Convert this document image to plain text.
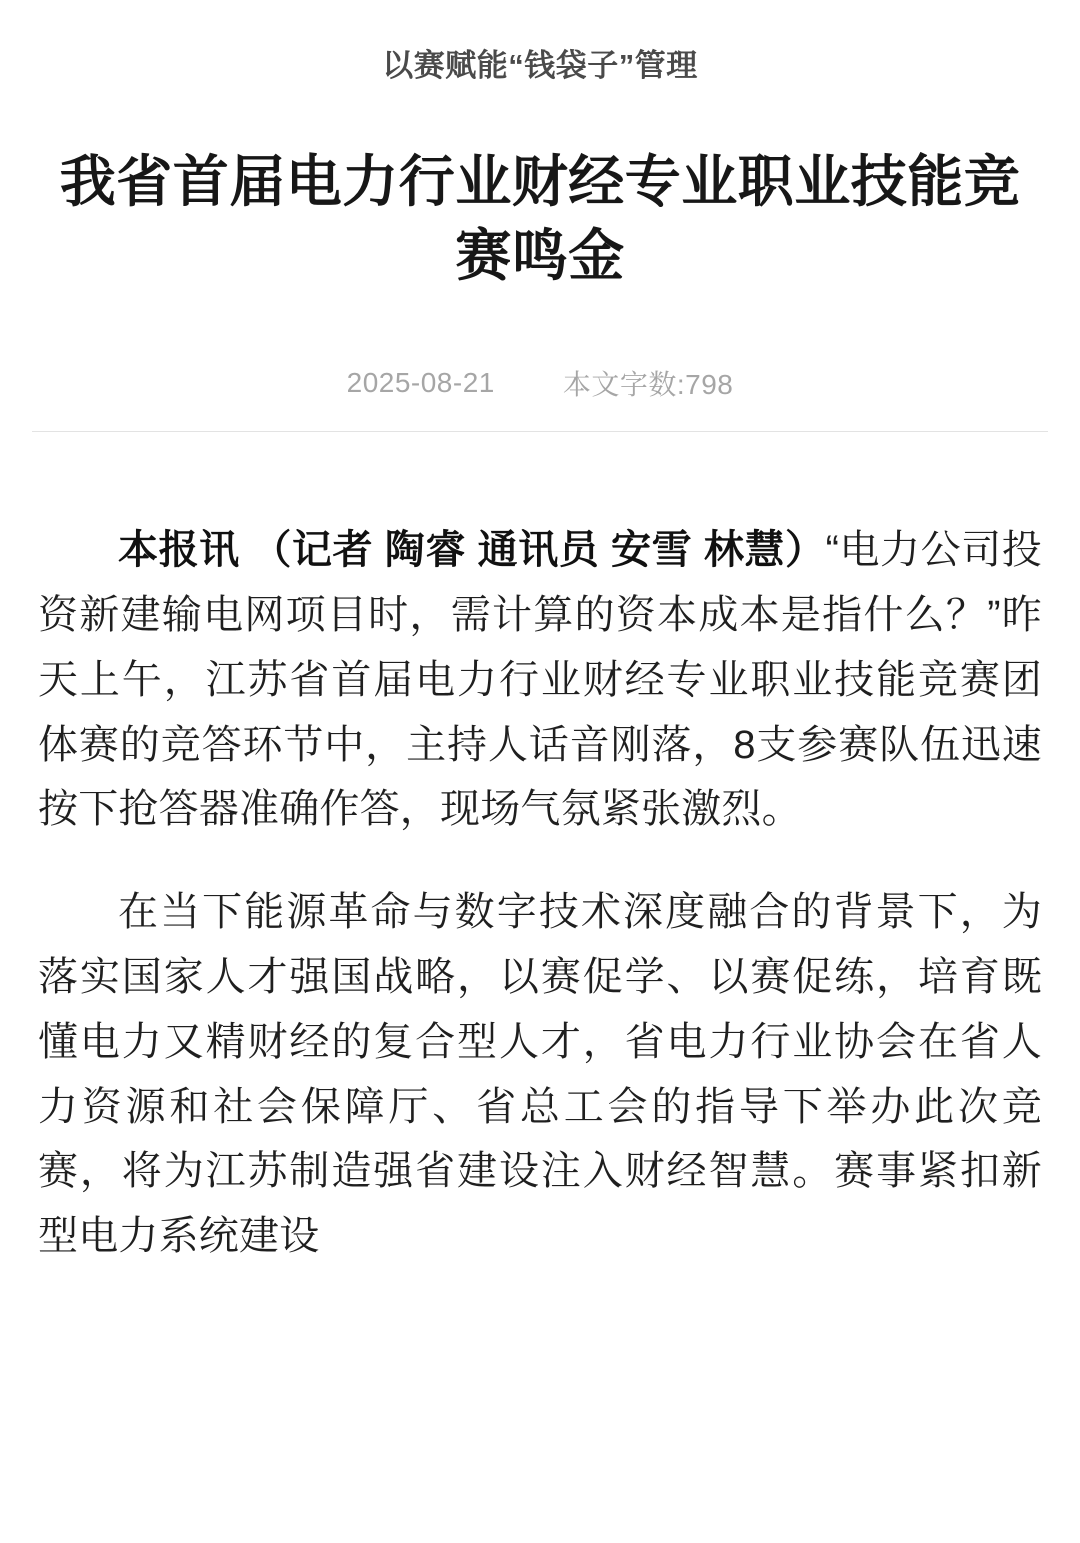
以赛赋能“钱袋子”管理
我省首届电力行业财经专业职业技能竞赛鸣金
2025-08-21 本文字数:798

本报讯 （记者 陶睿 通讯员 安雪 林慧）“电力公司投资新建输电网项目时，需计算的资本成本是指什么？”昨天上午，江苏省首届电力行业财经专业职业技能竞赛团体赛的竞答环节中，主持人话音刚落，8支参赛队伍迅速按下抢答器准确作答，现场气氛紧张激烈。

在当下能源革命与数字技术深度融合的背景下，为落实国家人才强国战略，以赛促学、以赛促练，培育既懂电力又精财经的复合型人才，省电力行业协会在省人力资源和社会保障厅、省总工会的指导下举办此次竞赛，将为江苏制造强省建设注入财经智慧。赛事紧扣新型电力系统建设
